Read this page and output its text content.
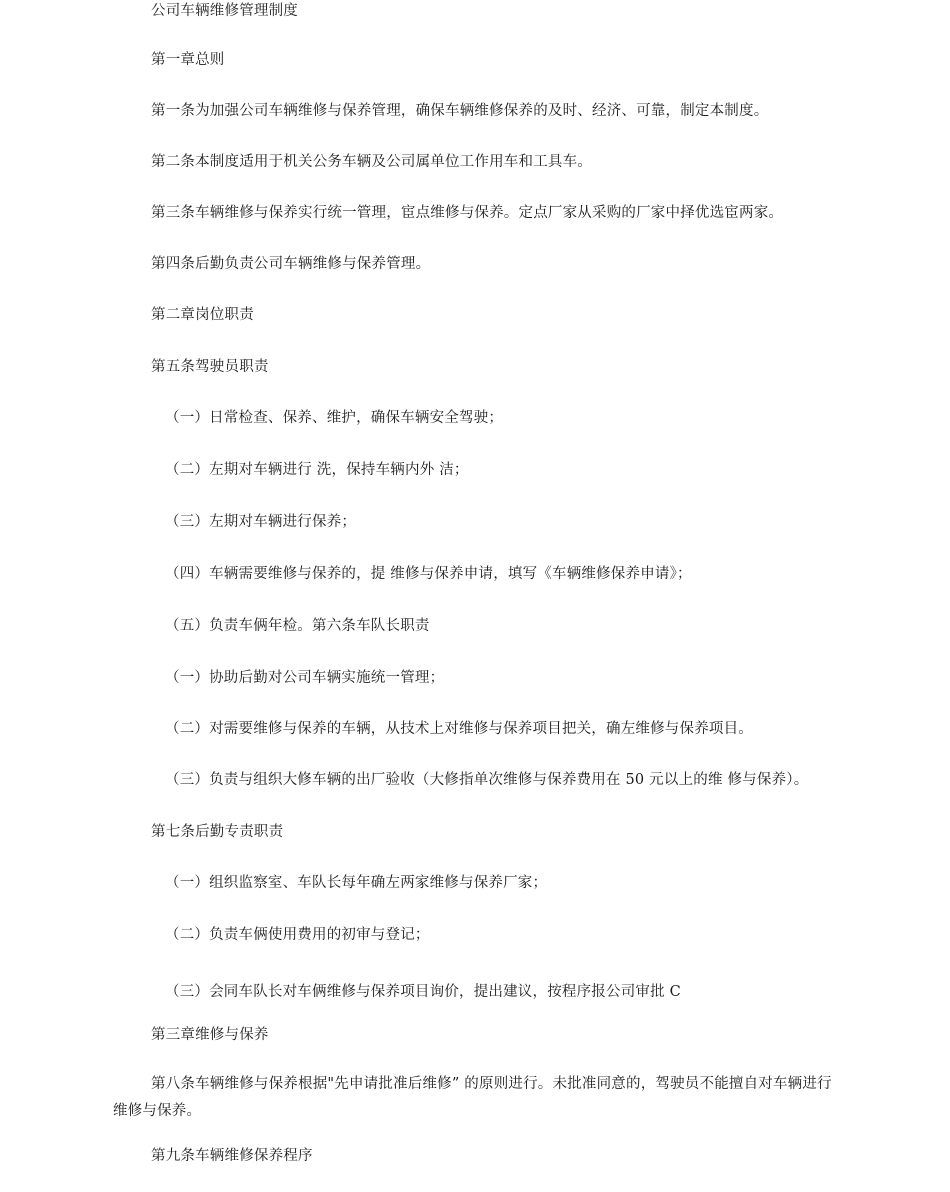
公司车辆维修管理制度
第一章总则
第一条为加强公司车辆维修与保养管理，确保车辆维修保养的及时、经济、可靠，制定本制度。
第二条本制度适用于机关公务车辆及公司属单位工作用车和工具车。
第三条车辆维修与保养实行统一管理，宦点维修与保养。定点厂家从采购的厂家中择优选宦两家。
第四条后勤负责公司车辆维修与保养管理。
第二章岗位职责
第五条驾驶员职责
（一）日常检查、保养、维护，确保车辆安全驾驶；
（二）左期对车辆进行 洗，保持车辆内外 洁；
（三）左期对车辆进行保养；
（四）车辆需要维修与保养的，提 维修与保养申请，填写《车辆维修保养申请》；
（五）负责车俩年检。第六条车队长职责
（一）协助后勤对公司车辆实施统一管理；
（二）对需要维修与保养的车辆，从技术上对维修与保养项目把关，确左维修与保养项目。
（三）负责与组织大修车辆的出厂验收（大修指单次维修与保养费用在 50 元以上的维 修与保养）。
第七条后勤专责职责
（一）组织监察室、车队长每年确左两家维修与保养厂家；
（二）负责车俩使用费用的初审与登记；
（三）会同车队长对车俩维修与保养项目询价，提出建议，按程序报公司审批 C
第三章维修与保养
第八条车辆维修与保养根据"先申请批准后维修” 的原则进行。未批准同意的，驾驶员不能擅自对车辆进行维修与保养。
第九条车辆维修保养程序
